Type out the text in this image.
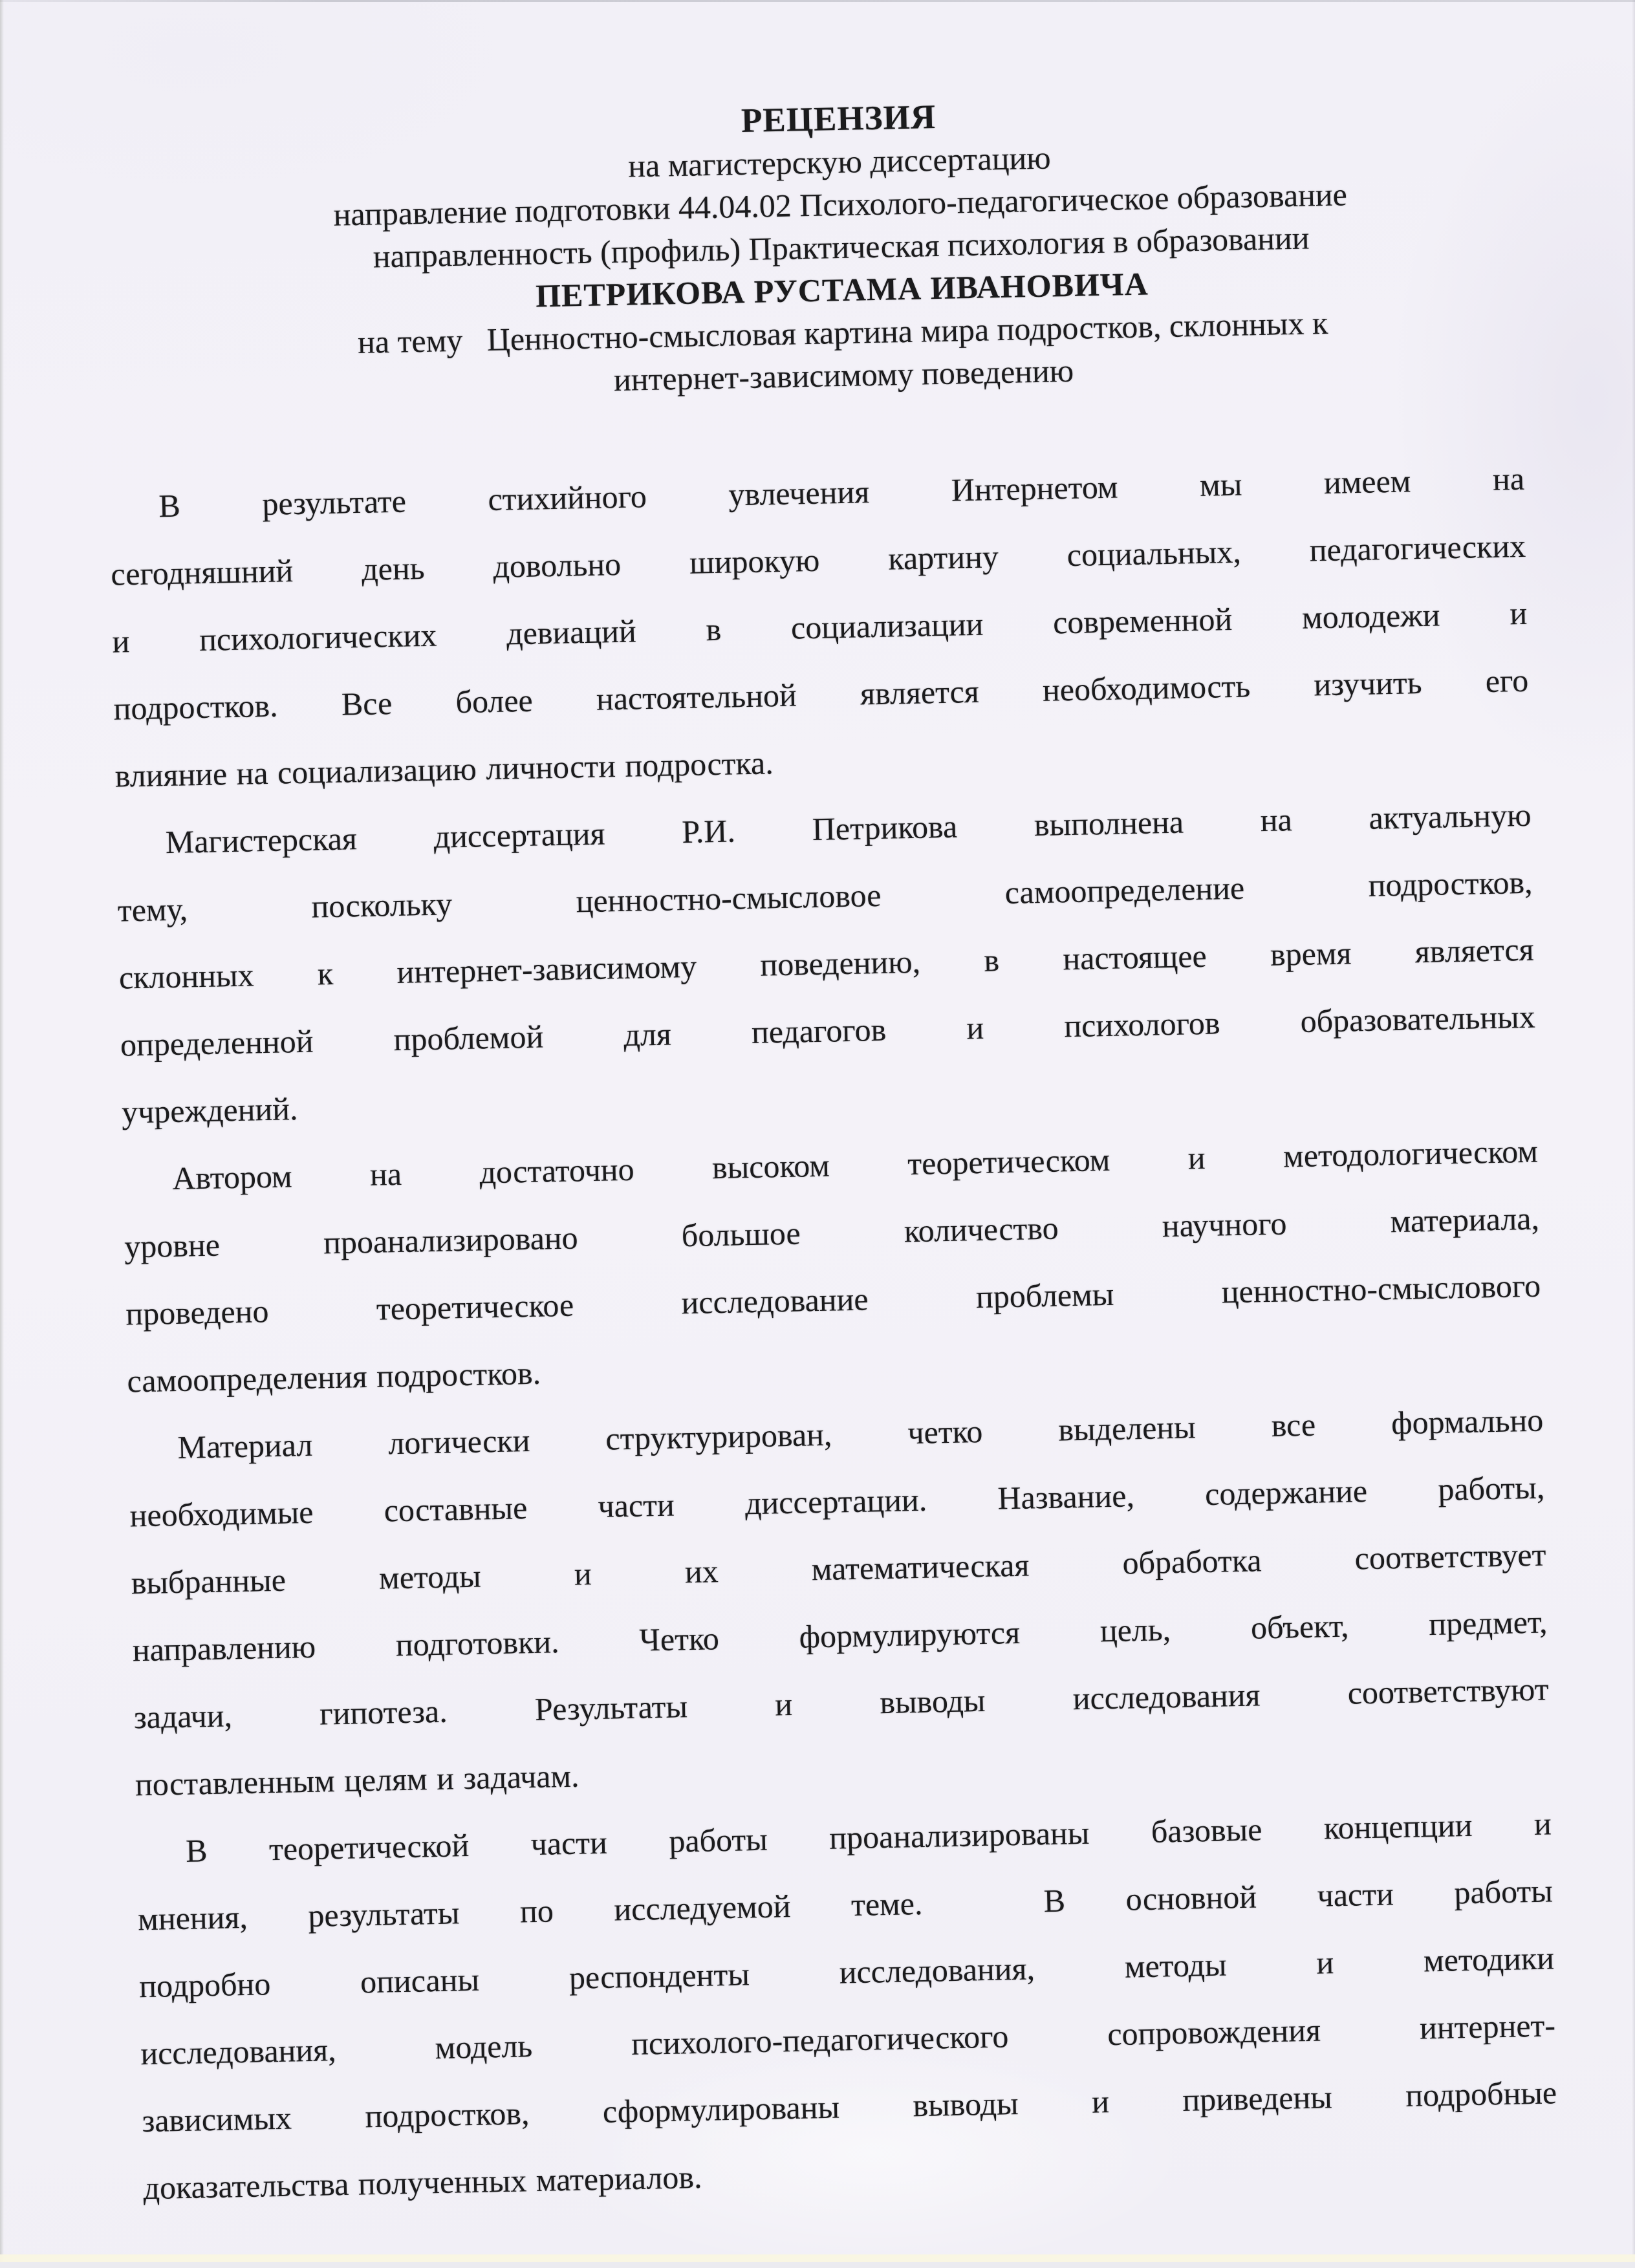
РЕЦЕНЗИЯ
на магистерскую диссертацию
направление подготовки 44.04.02 Психолого-педагогическое образование
направленность (профиль) Практическая психология в образовании
ПЕТРИКОВА РУСТАМА ИВАНОВИЧА
на тему   Ценностно-смысловая картина мира подростков, склонных к
интернет-зависимому поведению

В результате стихийного увлечения Интернетом мы имеем на
сегодняшний день довольно широкую картину социальных, педагогических
и психологических девиаций в социализации современной молодежи и
подростков. Все более настоятельной является необходимость изучить его
влияние на социализацию личности подростка.

Магистерская диссертация Р.И. Петрикова выполнена на актуальную
тему, поскольку ценностно-смысловое самоопределение подростков,
склонных к интернет-зависимому поведению, в настоящее время является
определенной проблемой для педагогов и психологов образовательных
учреждений.

Автором на достаточно высоком теоретическом и методологическом
уровне проанализировано большое количество научного материала,
проведено теоретическое исследование проблемы ценностно-смыслового
самоопределения подростков.

Материал логически структурирован, четко выделены все формально
необходимые составные части диссертации. Название, содержание работы,
выбранные методы и их математическая обработка соответствует
направлению подготовки. Четко формулируются цель, объект, предмет,
задачи, гипотеза. Результаты и выводы исследования соответствуют
поставленным целям и задачам.

В теоретической части работы проанализированы базовые концепции и
мнения, результаты по исследуемой теме.  В основной части работы
подробно описаны респонденты исследования, методы и методики
исследования, модель психолого-педагогического сопровождения интернет-
зависимых подростков, сформулированы выводы и приведены подробные
доказательства полученных материалов.
